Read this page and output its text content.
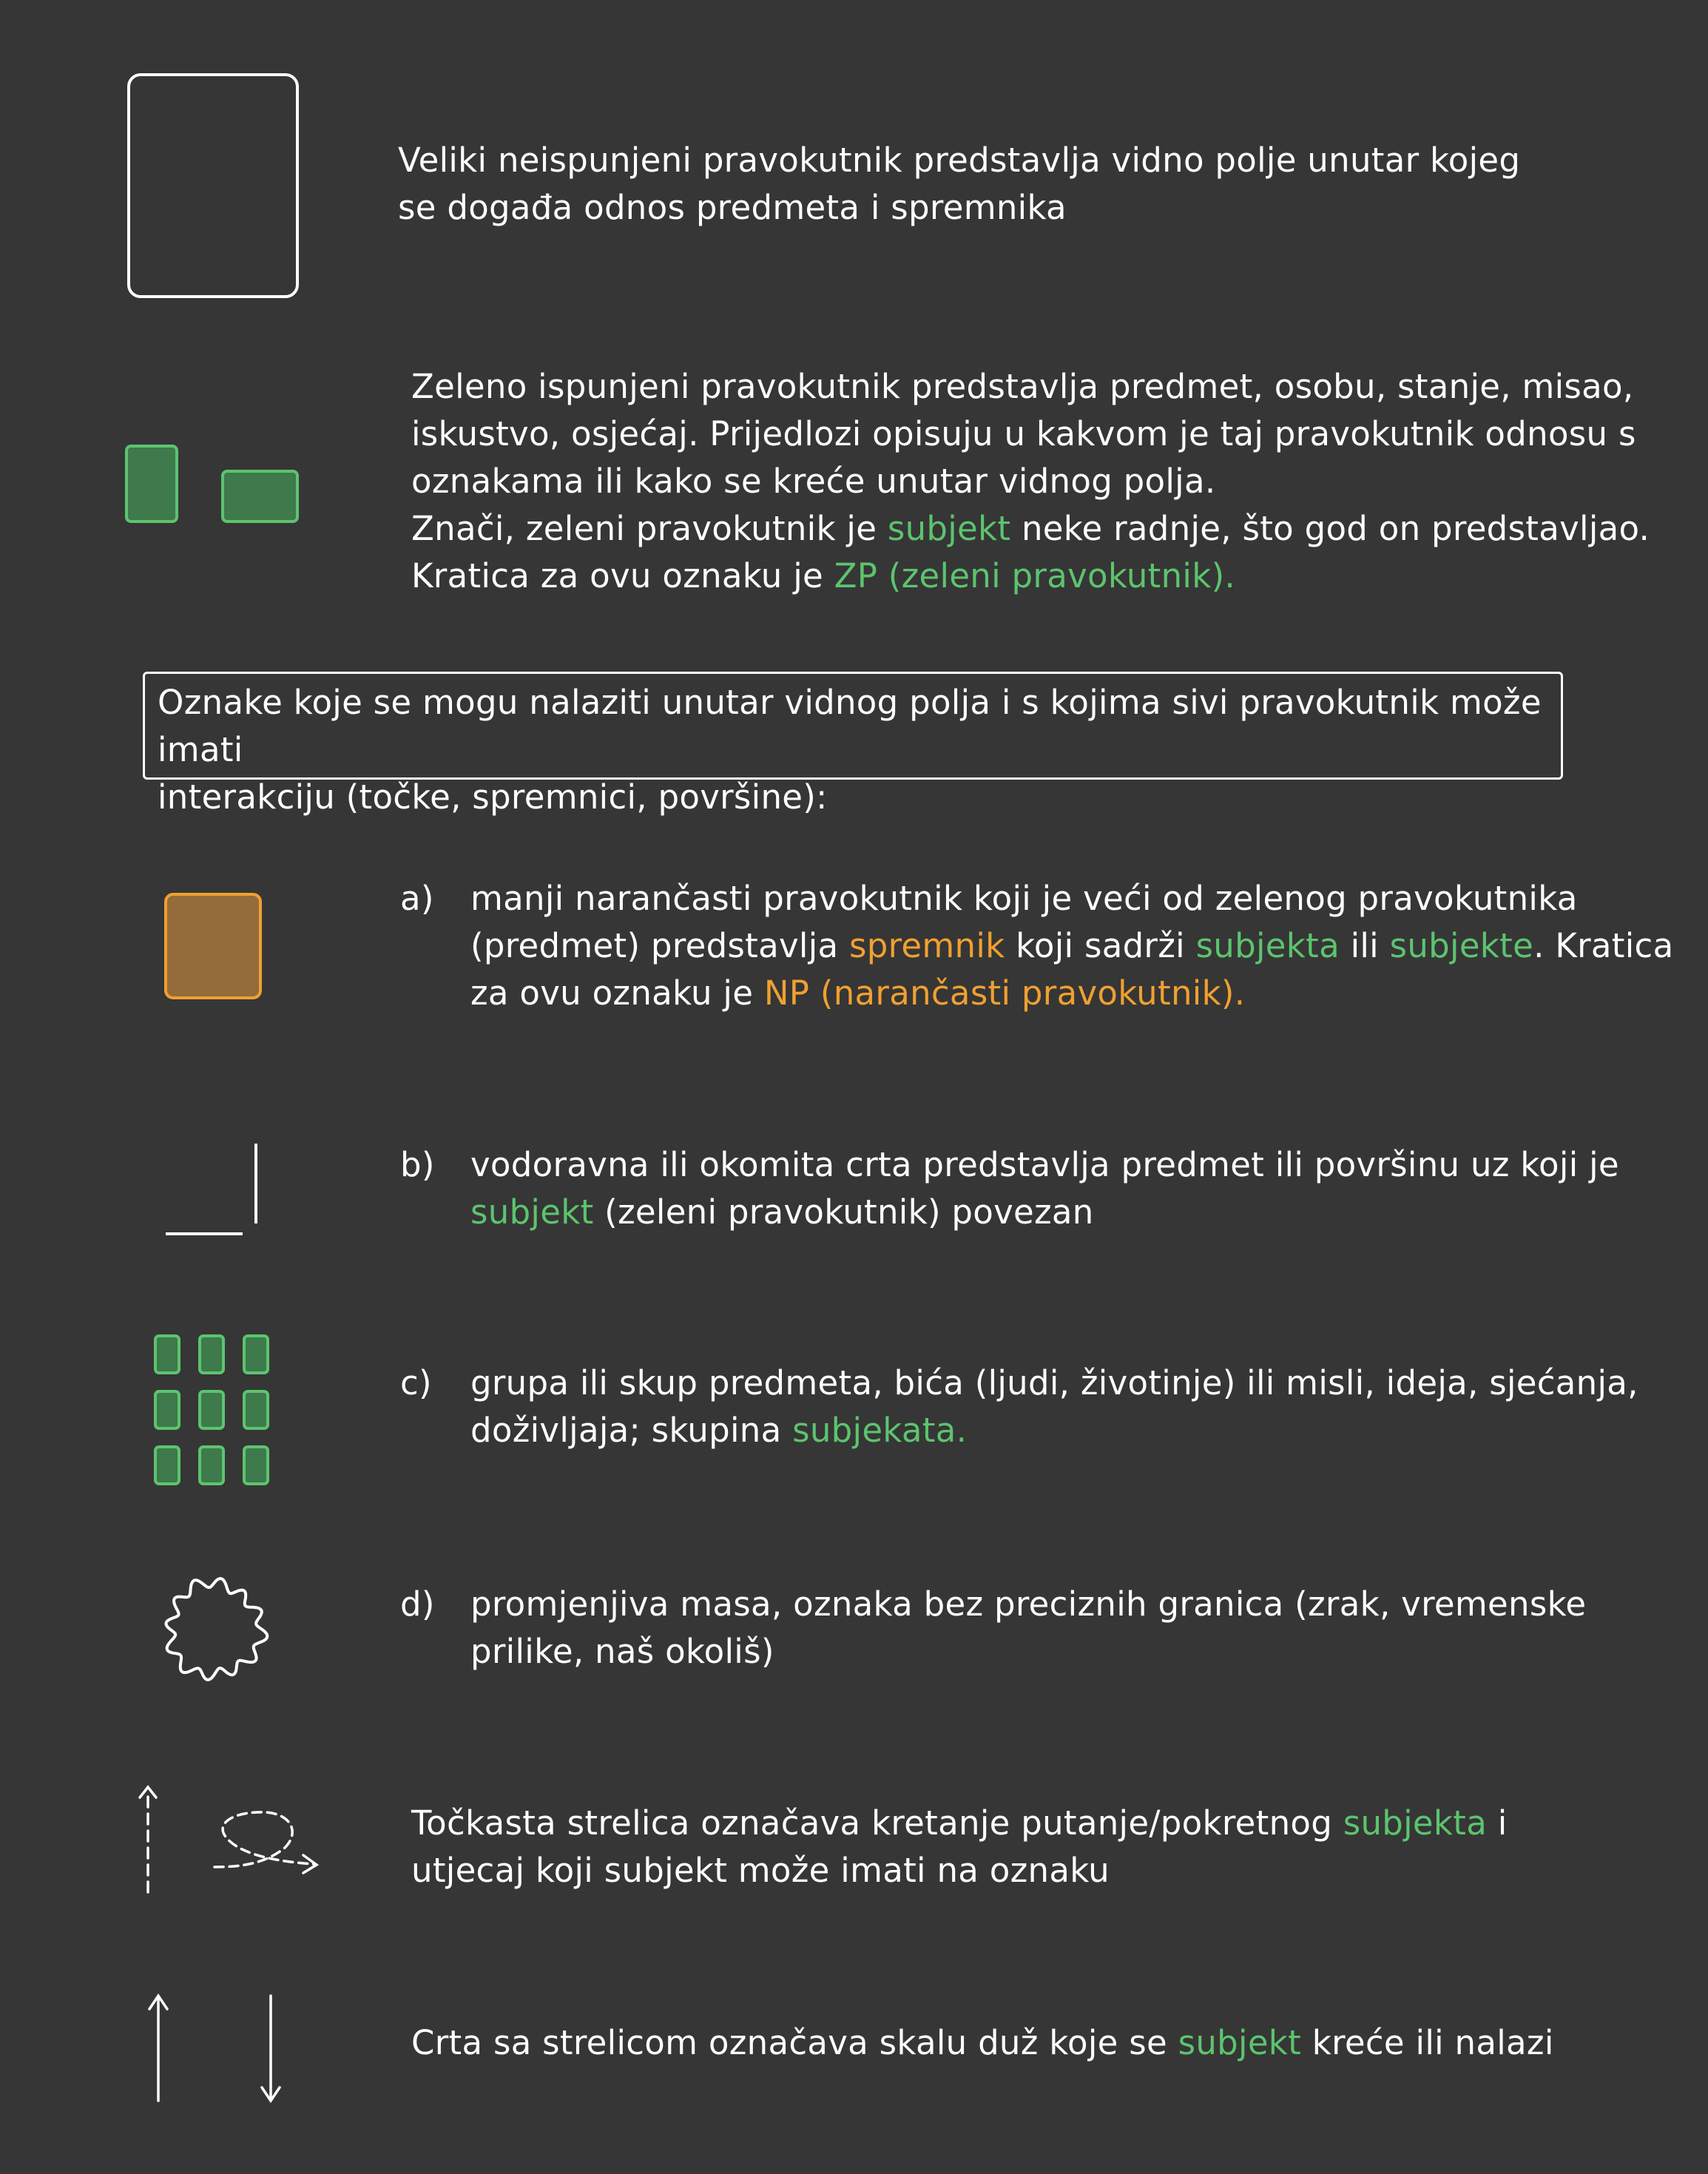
Veliki neispunjeni pravokutnik predstavlja vidno polje unutar kojeg

se događa odnos predmeta i spremnika

Zeleno ispunjeni pravokutnik predstavlja predmet, osobu, stanje, misao,

iskustvo, osjećaj. Prijedlozi opisuju u kakvom je taj pravokutnik odnosu s

oznakama ili kako se kreće unutar vidnog polja.

Znači, zeleni pravokutnik je subjekt neke radnje, što god on predstavljao.

Kratica za ovu oznaku je ZP (zeleni pravokutnik).

Oznake koje se mogu nalaziti unutar vidnog polja i s kojima sivi pravokutnik može imati

interakciju (točke, spremnici, površine):

a) manji narančasti pravokutnik koji je veći od zelenog pravokutnika

(predmet) predstavlja spremnik koji sadrži subjekta ili subjekte. Kratica

za ovu oznaku je NP (narančasti pravokutnik).

b) vodoravna ili okomita crta predstavlja predmet ili površinu uz koji je

subjekt (zeleni pravokutnik) povezan

c) grupa ili skup predmeta, bića (ljudi, životinje) ili misli, ideja, sjećanja,

doživljaja; skupina subjekata.

d) promjenjiva masa, oznaka bez preciznih granica (zrak, vremenske

prilike, naš okoliš)

Točkasta strelica označava kretanje putanje/pokretnog subjekta i

utjecaj koji subjekt može imati na oznaku

Crta sa strelicom označava skalu duž koje se subjekt kreće ili nalazi
